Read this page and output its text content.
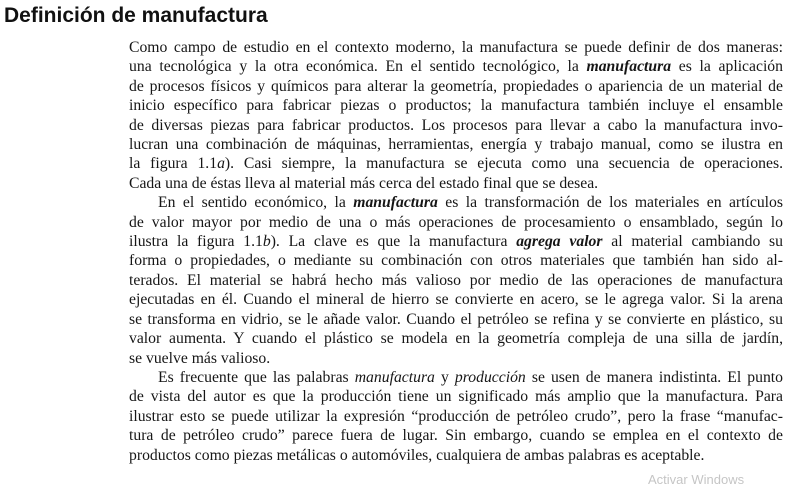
Definición de manufactura
Como campo de estudio en el contexto moderno, la manufactura se puede definir de dos maneras:
una tecnológica y la otra económica. En el sentido tecnológico, la manufactura es la aplicación
de procesos físicos y químicos para alterar la geometría, propiedades o apariencia de un material de
inicio específico para fabricar piezas o productos; la manufactura también incluye el ensamble
de diversas piezas para fabricar productos. Los procesos para llevar a cabo la manufactura invo-
lucran una combinación de máquinas, herramientas, energía y trabajo manual, como se ilustra en
la figura 1.1a). Casi siempre, la manufactura se ejecuta como una secuencia de operaciones.
Cada una de éstas lleva al material más cerca del estado final que se desea.
En el sentido económico, la manufactura es la transformación de los materiales en artículos
de valor mayor por medio de una o más operaciones de procesamiento o ensamblado, según lo
ilustra la figura 1.1b). La clave es que la manufactura agrega valor al material cambiando su
forma o propiedades, o mediante su combinación con otros materiales que también han sido al-
terados. El material se habrá hecho más valioso por medio de las operaciones de manufactura
ejecutadas en él. Cuando el mineral de hierro se convierte en acero, se le agrega valor. Si la arena
se transforma en vidrio, se le añade valor. Cuando el petróleo se refina y se convierte en plástico, su
valor aumenta. Y cuando el plástico se modela en la geometría compleja de una silla de jardín,
se vuelve más valioso.
Es frecuente que las palabras manufactura y producción se usen de manera indistinta. El punto
de vista del autor es que la producción tiene un significado más amplio que la manufactura. Para
ilustrar esto se puede utilizar la expresión “producción de petróleo crudo”, pero la frase “manufac-
tura de petróleo crudo” parece fuera de lugar. Sin embargo, cuando se emplea en el contexto de
productos como piezas metálicas o automóviles, cualquiera de ambas palabras es aceptable.
Activar Windows
